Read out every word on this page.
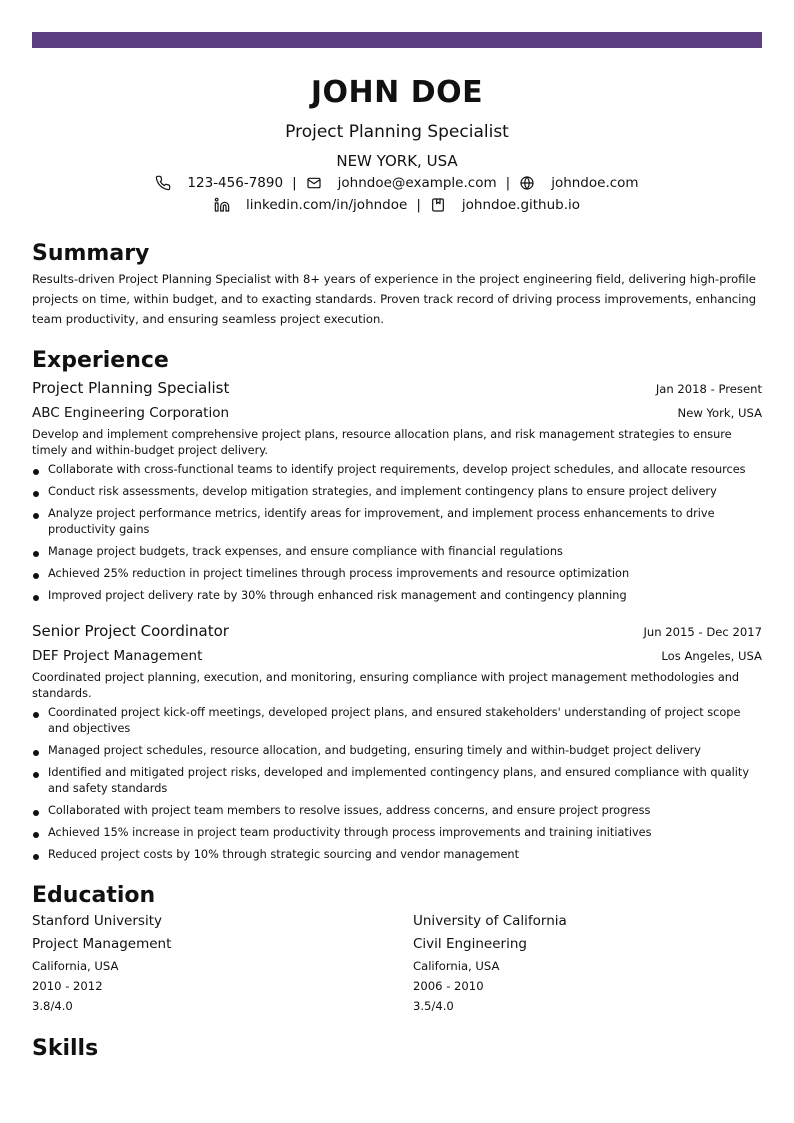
JOHN DOE
Project Planning Specialist
NEW YORK, USA
123-456-7890 |	johndoe@example.com |	johndoe.com
linkedin.com/in/johndoe |	johndoe.github.io
Summary
Results-driven Project Planning Specialist with 8+ years of experience in the project engineering field, delivering high-profile projects on time, within budget, and to exacting standards. Proven track record of driving process improvements, enhancing team productivity, and ensuring seamless project execution.
Experience
Project Planning Specialist	Jan 2018 - Present
ABC Engineering Corporation	New York, USA
Develop and implement comprehensive project plans, resource allocation plans, and risk management strategies to ensure timely and within-budget project delivery.
Collaborate with cross-functional teams to identify project requirements, develop project schedules, and allocate resources
Conduct risk assessments, develop mitigation strategies, and implement contingency plans to ensure project delivery
Analyze project performance metrics, identify areas for improvement, and implement process enhancements to drive productivity gains
Manage project budgets, track expenses, and ensure compliance with financial regulations
Achieved 25% reduction in project timelines through process improvements and resource optimization
Improved project delivery rate by 30% through enhanced risk management and contingency planning
Senior Project Coordinator	Jun 2015 - Dec 2017
DEF Project Management	Los Angeles, USA
Coordinated project planning, execution, and monitoring, ensuring compliance with project management methodologies and standards.
Coordinated project kick-off meetings, developed project plans, and ensured stakeholders' understanding of project scope and objectives
Managed project schedules, resource allocation, and budgeting, ensuring timely and within-budget project delivery
Identified and mitigated project risks, developed and implemented contingency plans, and ensured compliance with quality and safety standards
Collaborated with project team members to resolve issues, address concerns, and ensure project progress
Achieved 15% increase in project team productivity through process improvements and training initiatives
Reduced project costs by 10% through strategic sourcing and vendor management
Education
Stanford University
Project Management
California, USA
2010 - 2012
3.8/4.0
University of California
Civil Engineering
California, USA
2006 - 2010
3.5/4.0
Skills
